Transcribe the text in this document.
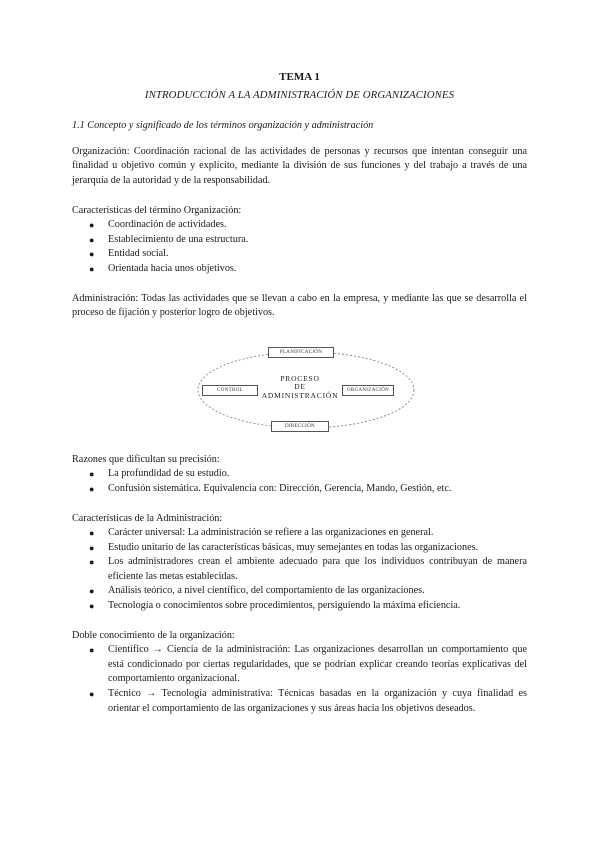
TEMA 1

INTRODUCCIÓN A LA ADMINISTRACIÓN DE ORGANIZACIONES

1.1 Concepto y significado de los términos organización y administración

Organización: Coordinación racional de las actividades de personas y recursos que intentan conseguir una finalidad u objetivo común y explícito, mediante la división de sus funciones y del trabajo a través de una jerarquía de la autoridad y de la responsabilidad.

Características del término Organización:

● Coordinación de actividades.
● Establecimiento de una estructura.
● Entidad social.
● Orientada hacia unos objetivos.

Administración: Todas las actividades que se llevan a cabo en la empresa, y mediante las que se desarrolla el proceso de fijación y posterior logro de objetivos.

PLANIFICACIÓN
ORGANIZACIÓN
DIRECCIÓN
CONTROL
PROCESO
DE
ADMINISTRACIÓN

Razones que dificultan su precisión:

● La profundidad de su estudio.
● Confusión sistemática. Equivalencia con: Dirección, Gerencia, Mando, Gestión, etc.

Características de la Administración:

● Carácter universal: La administración se refiere a las organizaciones en general.
● Estudio unitario de las características básicas, muy semejantes en todas las organizaciones.
● Los administradores crean el ambiente adecuado para que los individuos contribuyan de manera eficiente las metas establecidas.
● Análisis teórico, a nivel científico, del comportamiento de las organizaciones.
● Tecnología o conocimientos sobre procedimientos, persiguiendo la máxima eficiencia.

Doble conocimiento de la organización:

● Científico → Ciencia de la administración: Las organizaciones desarrollan un comportamiento que está condicionado por ciertas regularidades, que se podrían explicar creando teorías explicativas del comportamiento organizacional.
● Técnico → Tecnología administrativa: Técnicas basadas en la organización y cuya finalidad es orientar el comportamiento de las organizaciones y sus áreas hacia los objetivos deseados.
